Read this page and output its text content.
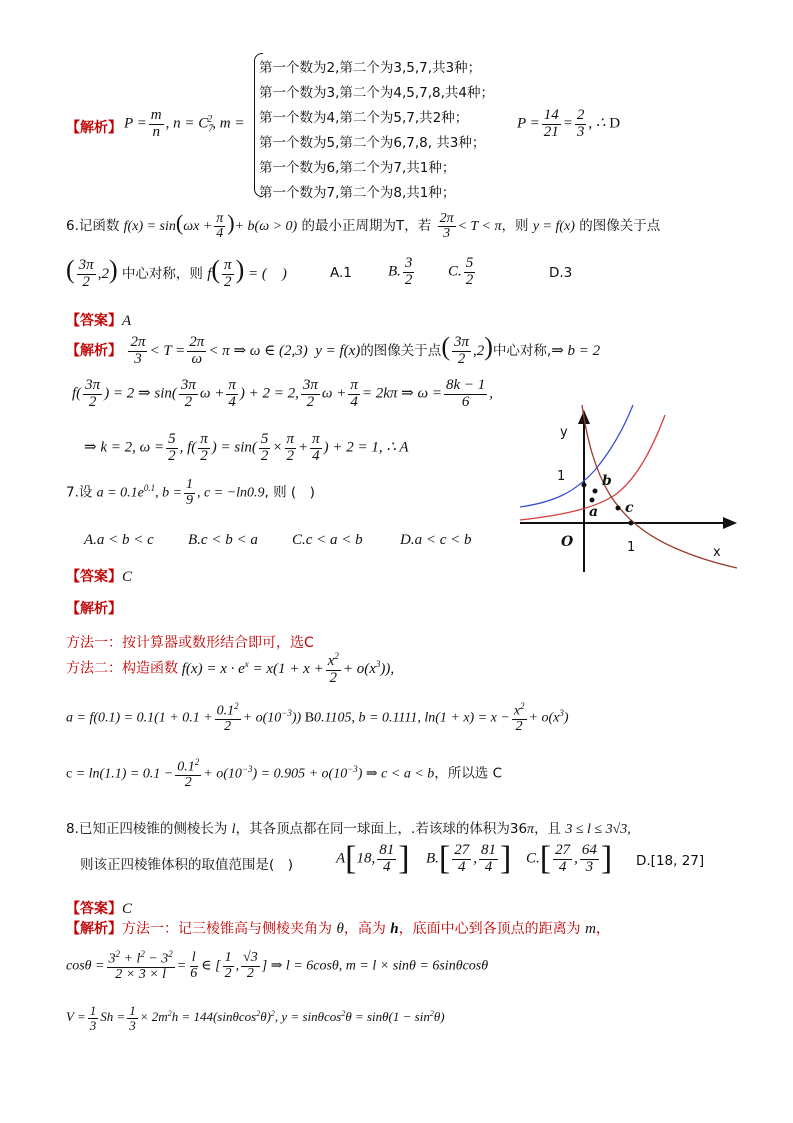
【解析】 $P = \frac{m}{n}$ , $n = C_7^2$, m =
第一个数为2,第二个为3,5,7,共3种；
第一个数为3,第二个为4,5,7,8,共4种；
第一个数为4,第二个为5,7,共2种；
第一个数为5,第二个为6,7,8, 共3种；
第一个数为6,第二个为7,共1种；
第一个数为7,第二个为8,共1种；
$P = \frac{14}{21} = \frac{2}{3}$ , ∴ D
6.记函数 $f(x) = \sin(\omega x + \frac{\pi}{4}$ )+ b(ω > 0) 的最小正周期为T，若 $\frac{2\pi}{3} < T < \pi$，则 y = f(x) 的图像关于点
( $\frac{3\pi}{2} ,2$) 中心对称，则 $f( \frac{\pi}{2}$ ) = (　)	A.1 B. $\frac{3}{2} C$. $\frac{5}{2}$	D.3
【答案】A
【解析】 $\frac{2\pi}{3} < T = \frac{2\pi}{\omega} < \pi$ ⇒ ω ∈ (2,3)  y = f(x)的图像关于点( $\frac{3\pi}{2} ,2$)中心对称,⇒ b = 2
$f( \frac{3\pi}{2}$ ) = 2 ⇒ $\sin( \frac{3\pi}{2}$ $\omega + \frac{\pi}{4}$ ) + 2 = 2, $\frac{3\pi}{2}$ $\omega + \frac{\pi}{4} = 2k\pi$ ⇒ $\omega = \frac{8k - 1}{6}$ ,
⇒ k = 2, $\omega = \frac{5}{2}$ , $f( \frac{\pi}{2}$ ) = $\sin( \frac{5}{2} \times \frac{\pi}{2} + \frac{\pi}{4}$ ) + 2 = 1, ∴ A
y
x
O
1
1
a
b
c
7.设 $a = 0.1e^{0.1}$, $b = \frac{1}{9}$ , c = −ln0.9, 则 (　)
A.a < b < c B.c < b < a C.c < a < b D.a < c < b
【答案】C
【解析】
方法一：按计算器或数形结合即可，选C
方法二：构造函数 $f(x) = x \cdot e^x = x(1 + x + \frac{x^2}{2} + o(x^3))$,
$a = f(0.1) = 0.1(1 + 0.1 + \frac{0.1^2}{2} + o(10^{-3}))$ B0.1105, b = 0.1111, $\ln(1 + x) = x - \frac{x^2}{2} + o(x^3)$
$c = \ln(1.1) = 0.1 - \frac{0.1^2}{2} + o(10^{-3}) = 0.905 + o(10^{-3})$ ⇒ c < a < b，所以选 C
8.已知正四棱锥的侧棱长为 l，其各顶点都在同一球面上，.若该球的体积为36π，且 3 ≤ l ≤ 3√3,
则该正四棱锥体积的取值范围是(　)	A[18, $\frac{81}{4}$ ] $B.[ \frac{27}{4}$ , $\frac{81}{4}$ ] $C.[ \frac{27}{4}$ , $\frac{64}{3}$ ] D.[18, 27]
【答案】C
【解析】方法一：记三棱锥高与侧棱夹角为 θ，高为 h，底面中心到各顶点的距离为 m，
$\cos\theta = \frac{3^2 + l^2 - 3^2}{2 \times 3 \times l} = \frac{l}{6}$ ∈ [ $\frac{1}{2}$ , $\frac{√3}{2}$ ] ⇒ l = 6cosθ, m = l × sinθ = 6sinθcosθ
$V = \frac{1}{3}$ $Sh = \frac{1}{3} \times 2m^2h = 144(\sin\theta\cos^2\theta)^2$, $y = \sin\theta\cos^2\theta = \sin\theta(1 - \sin^2\theta)$
